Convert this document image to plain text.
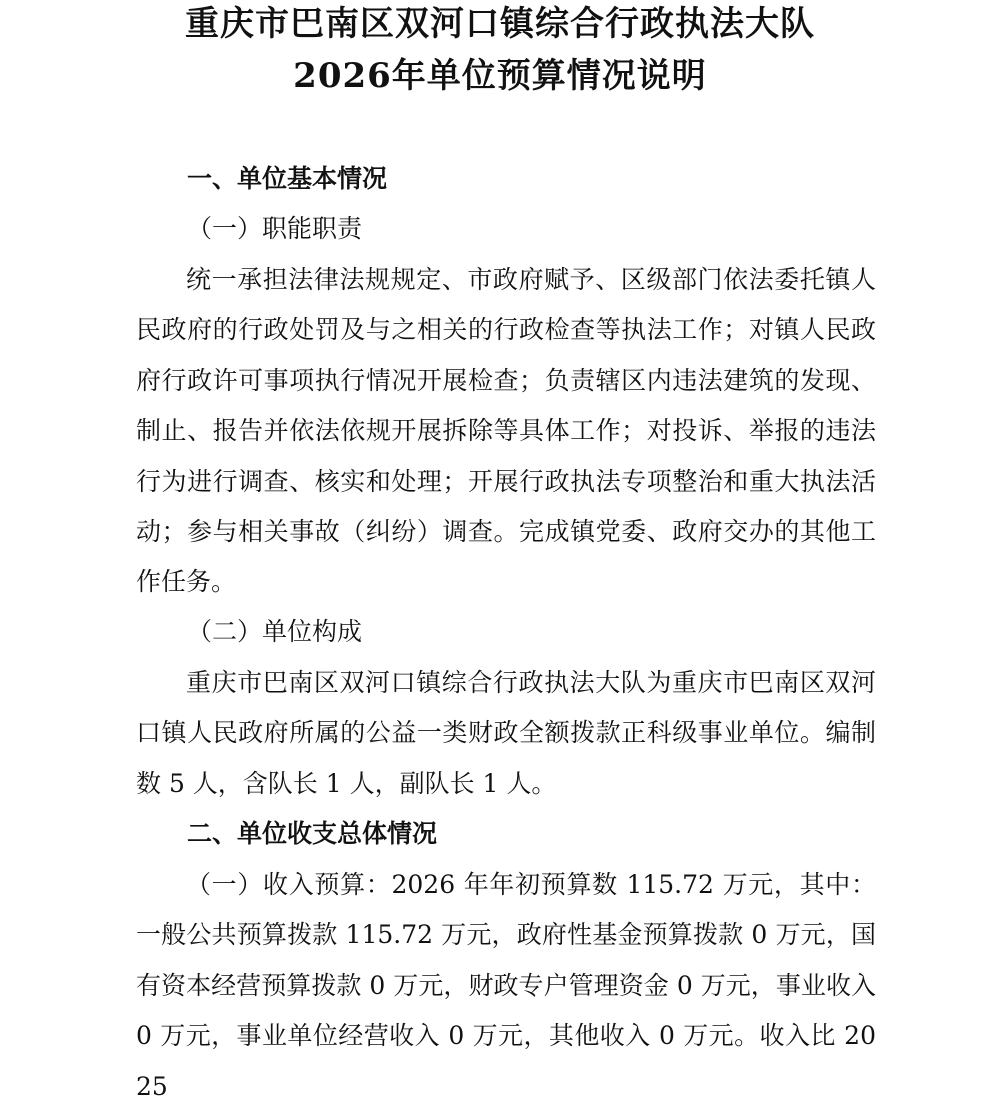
重庆市巴南区双河口镇综合行政执法大队
2026年单位预算情况说明
一、单位基本情况
（一）职能职责
统一承担法律法规规定、市政府赋予、区级部门依法委托镇人民政府的行政处罚及与之相关的行政检查等执法工作；对镇人民政府行政许可事项执行情况开展检查；负责辖区内违法建筑的发现、制止、报告并依法依规开展拆除等具体工作；对投诉、举报的违法行为进行调查、核实和处理；开展行政执法专项整治和重大执法活动；参与相关事故（纠纷）调查。完成镇党委、政府交办的其他工作任务。
（二）单位构成
重庆市巴南区双河口镇综合行政执法大队为重庆市巴南区双河口镇人民政府所属的公益一类财政全额拨款正科级事业单位。编制数 5 人，含队长 1 人，副队长 1 人。
二、单位收支总体情况
（一）收入预算：2026 年年初预算数 115.72 万元，其中：一般公共预算拨款 115.72 万元，政府性基金预算拨款 0 万元，国有资本经营预算拨款 0 万元，财政专户管理资金 0 万元，事业收入 0 万元，事业单位经营收入 0 万元，其他收入 0 万元。收入比 2025
